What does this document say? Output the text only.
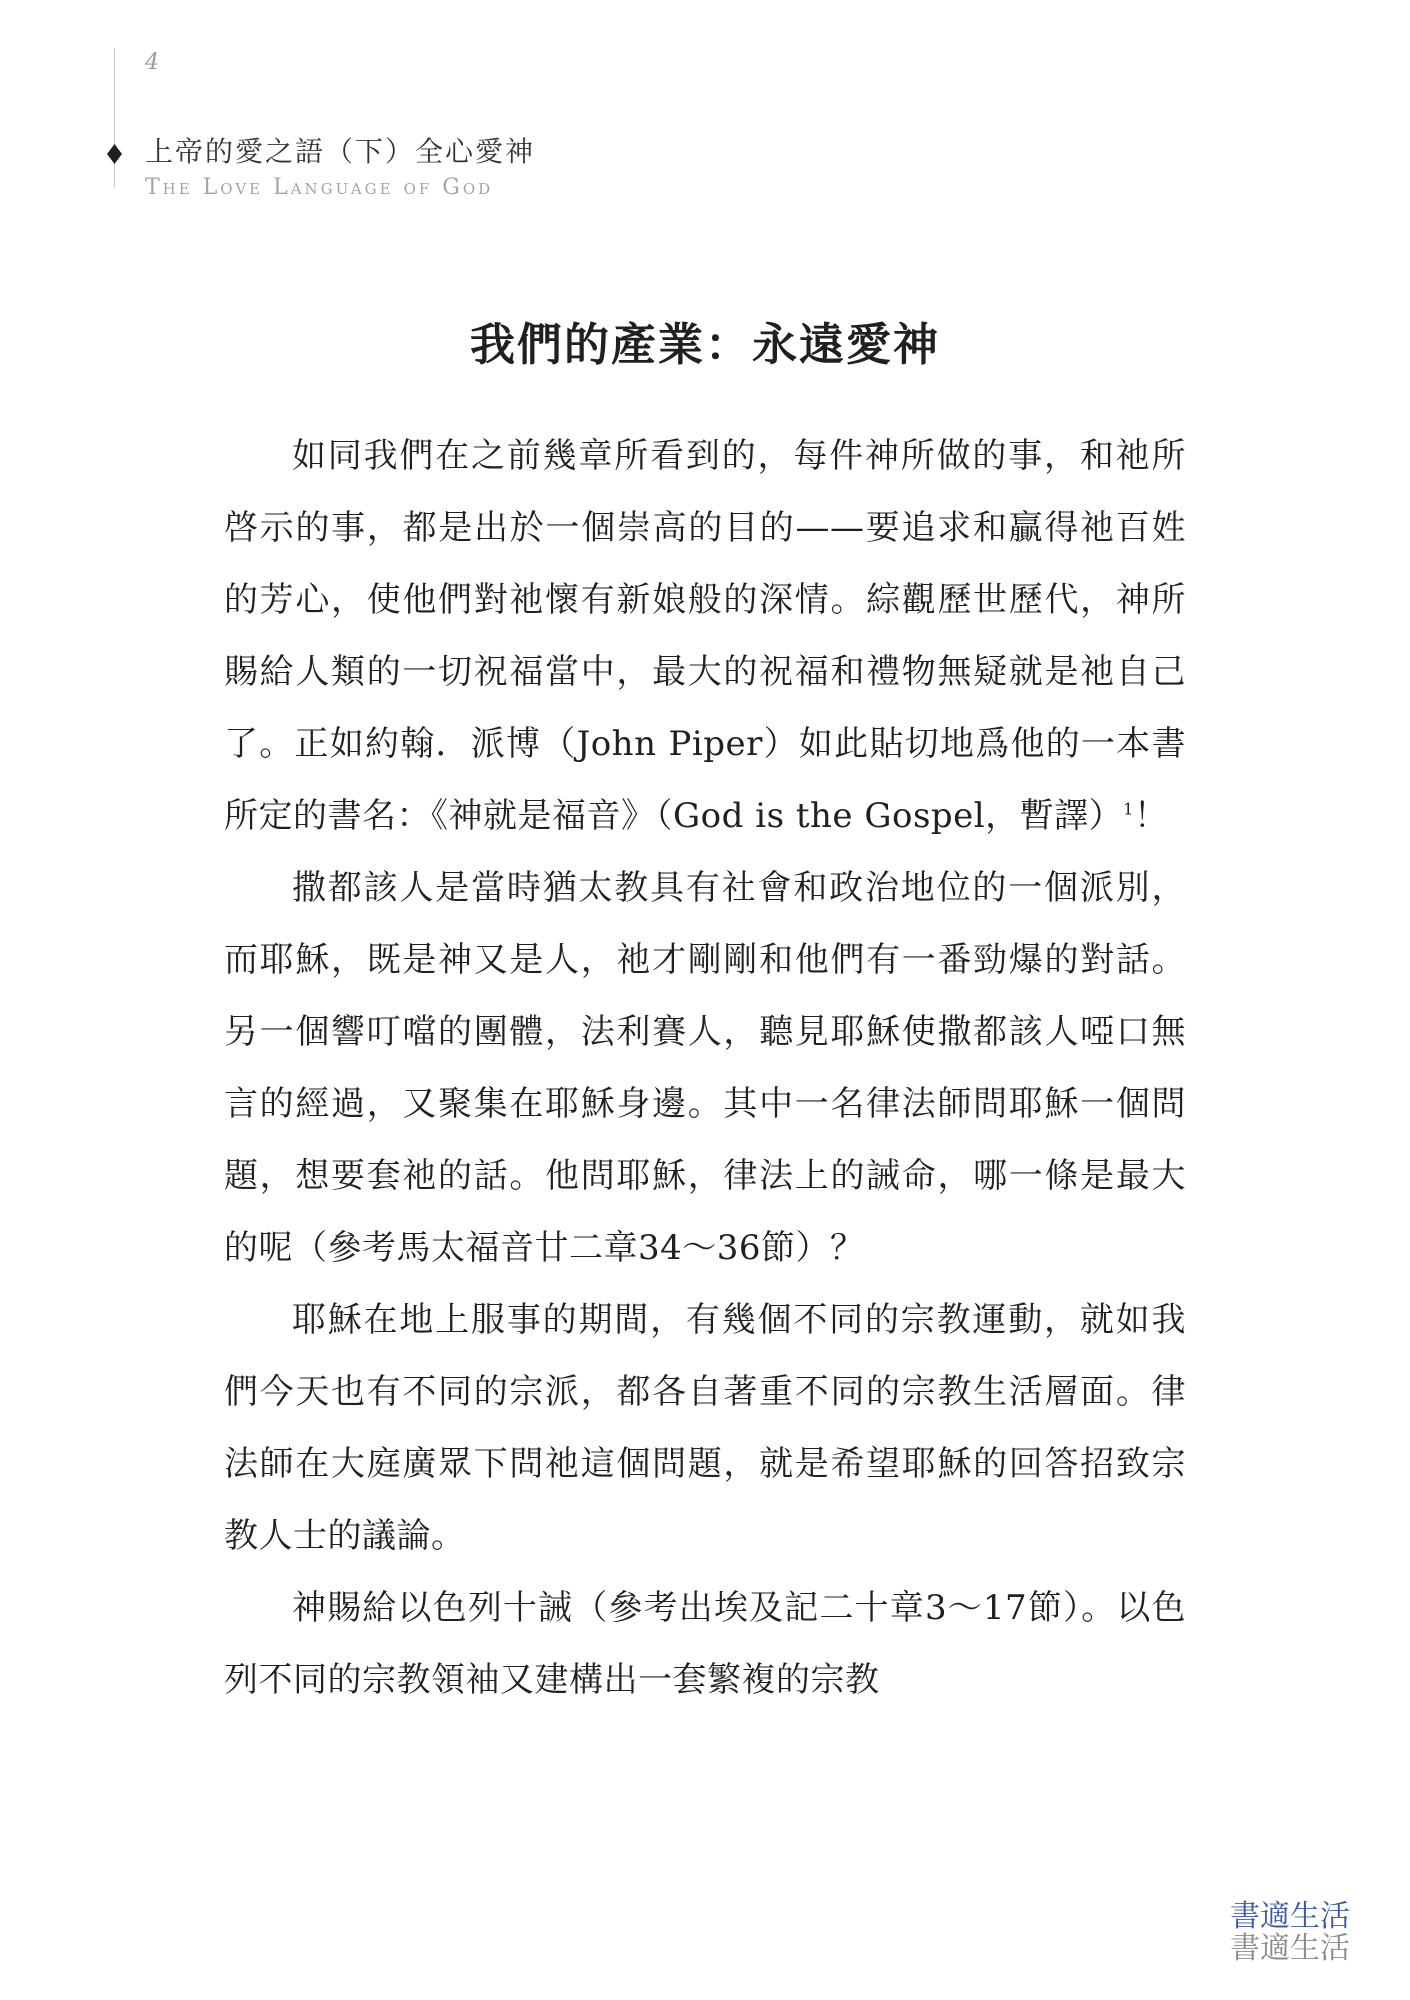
4
上帝的愛之語（下）全心愛神
The Love Language of God
我們的產業：永遠愛神

如同我們在之前幾章所看到的，每件神所做的事，和祂所啓示的事，都是出於一個崇高的目的——要追求和贏得祂百姓的芳心，使他們對祂懷有新娘般的深情。綜觀歷世歷代，神所賜給人類的一切祝福當中，最大的祝福和禮物無疑就是祂自己了。正如約翰．派博（John Piper）如此貼切地爲他的一本書所定的書名：《神就是福音》（God is the Gospel，暫譯）$^1$！

撒都該人是當時猶太教具有社會和政治地位的一個派別，而耶穌，既是神又是人，祂才剛剛和他們有一番勁爆的對話。另一個響叮噹的團體，法利賽人，聽見耶穌使撒都該人啞口無言的經過，又聚集在耶穌身邊。其中一名律法師問耶穌一個問題，想要套祂的話。他問耶穌，律法上的誡命，哪一條是最大的呢（參考馬太福音廿二章34～36節）？

耶穌在地上服事的期間，有幾個不同的宗教運動，就如我們今天也有不同的宗派，都各自著重不同的宗教生活層面。律法師在大庭廣眾下問祂這個問題，就是希望耶穌的回答招致宗教人士的議論。

神賜給以色列十誡（參考出埃及記二十章3～17節）。以色列不同的宗教領袖又建構出一套繁複的宗教

書適生活
書適生活
